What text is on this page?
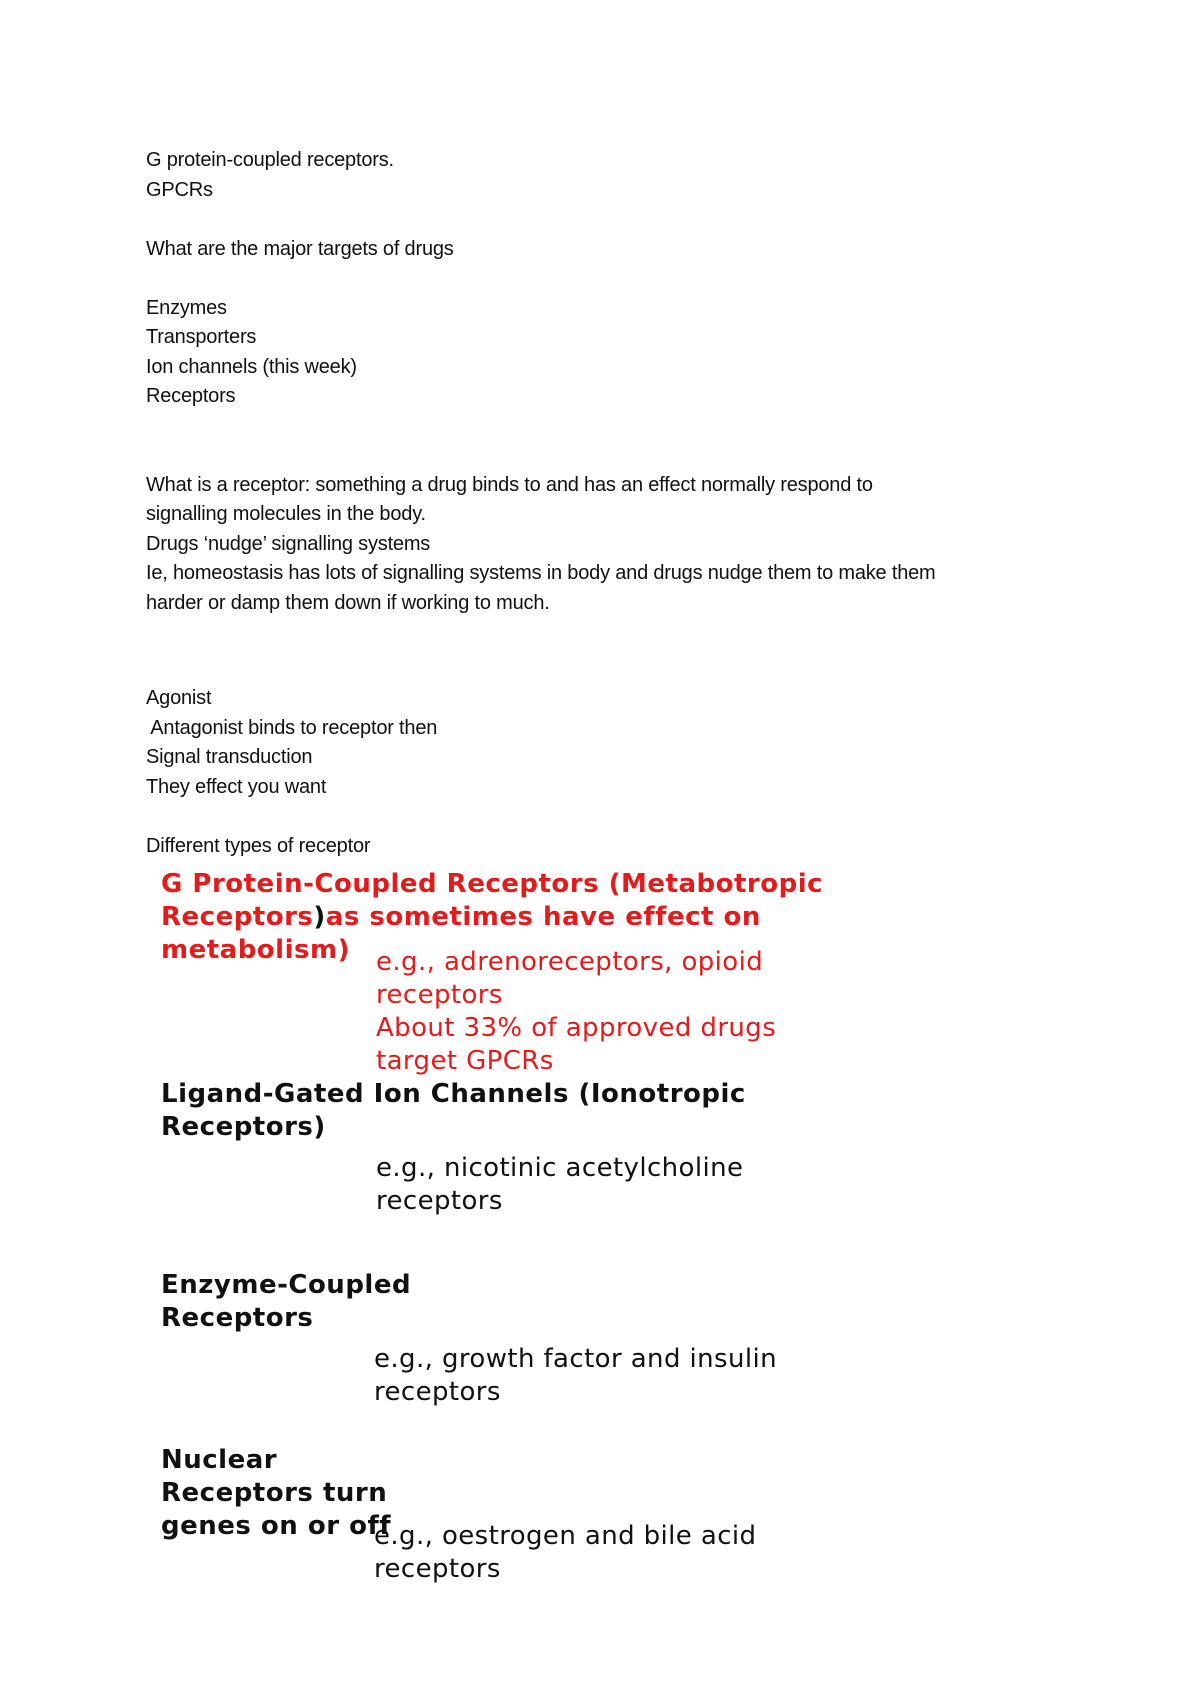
G protein-coupled receptors.

GPCRs

What are the major targets of drugs

Enzymes

Transporters

Ion channels (this week)

Receptors

What is a receptor: something a drug binds to and has an effect normally respond to

signalling molecules in the body.

Drugs ‘nudge’ signalling systems

Ie, homeostasis has lots of signalling systems in body and drugs nudge them to make them

harder or damp them down if working to much.

Agonist

Antagonist binds to receptor then

Signal transduction

They effect you want

Different types of receptor

G Protein-Coupled Receptors (Metabotropic
Receptors)as sometimes have effect on
metabolism)	e.g., adrenoreceptors, opioid
receptors
About 33% of approved drugs
target GPCRs
Ligand-Gated Ion Channels (Ionotropic
Receptors)
e.g., nicotinic acetylcholine
receptors
Enzyme-Coupled
Receptors
e.g., growth factor and insulin
receptors
Nuclear
Receptors turn
genes on or off
e.g., oestrogen and bile acid
receptors
